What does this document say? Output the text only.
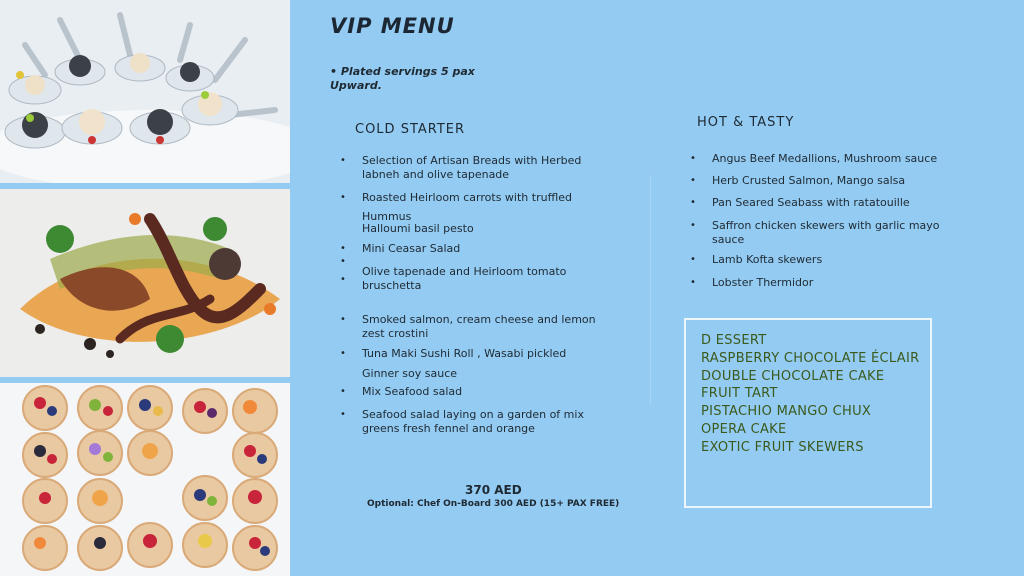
VIP MENU
• Plated servings 5 pax
Upward.
COLD STARTER
• Selection of Artisan Breads with Herbed labneh and olive tapenade
• Roasted Heirloom carrots with truffled
Hummus
Halloumi basil pesto
• Mini Ceasar Salad
•
•
Olive tapenade and Heirloom tomato bruschetta
• Smoked salmon, cream cheese and lemon zest crostini
• Tuna Maki Sushi Roll , Wasabi pickled
Ginner soy sauce
• Mix Seafood salad
• Seafood salad laying on a garden of mix greens fresh fennel and orange
HOT & TASTY
• Angus Beef Medallions, Mushroom sauce
• Herb Crusted Salmon, Mango salsa
• Pan Seared Seabass with ratatouille
• Saffron chicken skewers with garlic mayo sauce
• Lamb Kofta skewers
• Lobster Thermidor
D ESSERT
RASPBERRY CHOCOLATE ÉCLAIR
DOUBLE CHOCOLATE CAKE
FRUIT TART
PISTACHIO MANGO CHUX
OPERA CAKE
EXOTIC FRUIT SKEWERS
370 AED
Optional: Chef On-Board 300 AED (15+ PAX FREE)
